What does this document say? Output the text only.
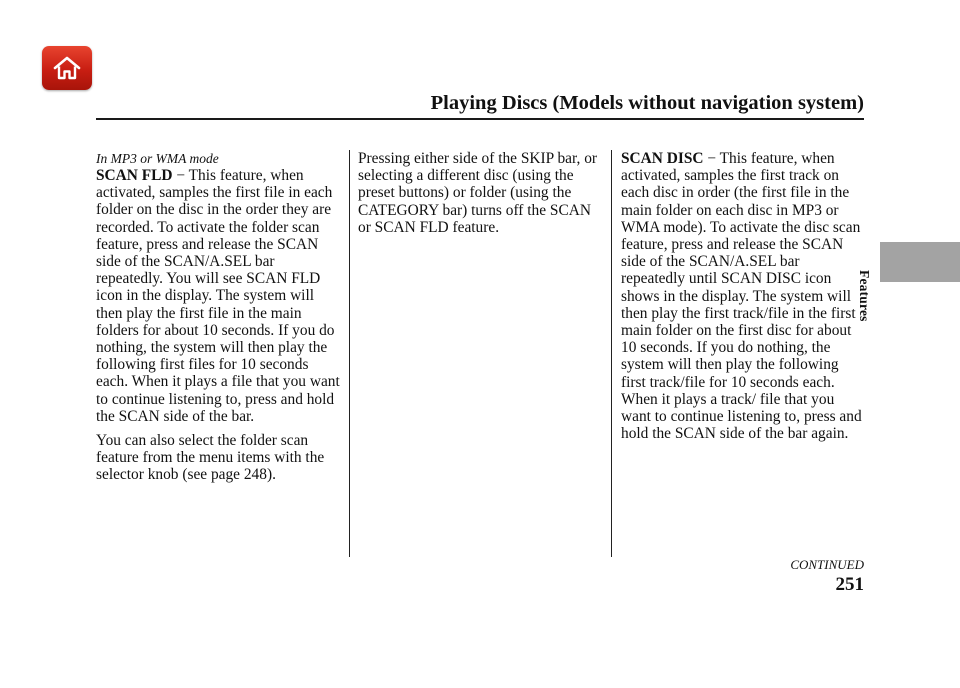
Playing Discs (Models without navigation system)
Features

In MP3 or WMA mode
SCAN FLD − This feature, when activated, samples the first file in each folder on the disc in the order they are recorded. To activate the folder scan feature, press and release the SCAN side of the SCAN/A.SEL bar repeatedly. You will see SCAN FLD icon in the display. The system will then play the first file in the main folders for about 10 seconds. If you do nothing, the system will then play the following first files for 10 seconds each. When it plays a file that you want to continue listening to, press and hold the SCAN side of the bar.

You can also select the folder scan feature from the menu items with the selector knob (see page 248).

Pressing either side of the SKIP bar, or selecting a different disc (using the preset buttons) or folder (using the CATEGORY bar) turns off the SCAN or SCAN FLD feature.

SCAN DISC − This feature, when activated, samples the first track on each disc in order (the first file in the main folder on each disc in MP3 or WMA mode). To activate the disc scan feature, press and release the SCAN side of the SCAN/A.SEL bar repeatedly until SCAN DISC icon shows in the display. The system will then play the first track/file in the first main folder on the first disc for about 10 seconds. If you do nothing, the system will then play the following first track/file for 10 seconds each. When it plays a track/ file that you want to continue listening to, press and hold the SCAN side of the bar again.

CONTINUED
251
